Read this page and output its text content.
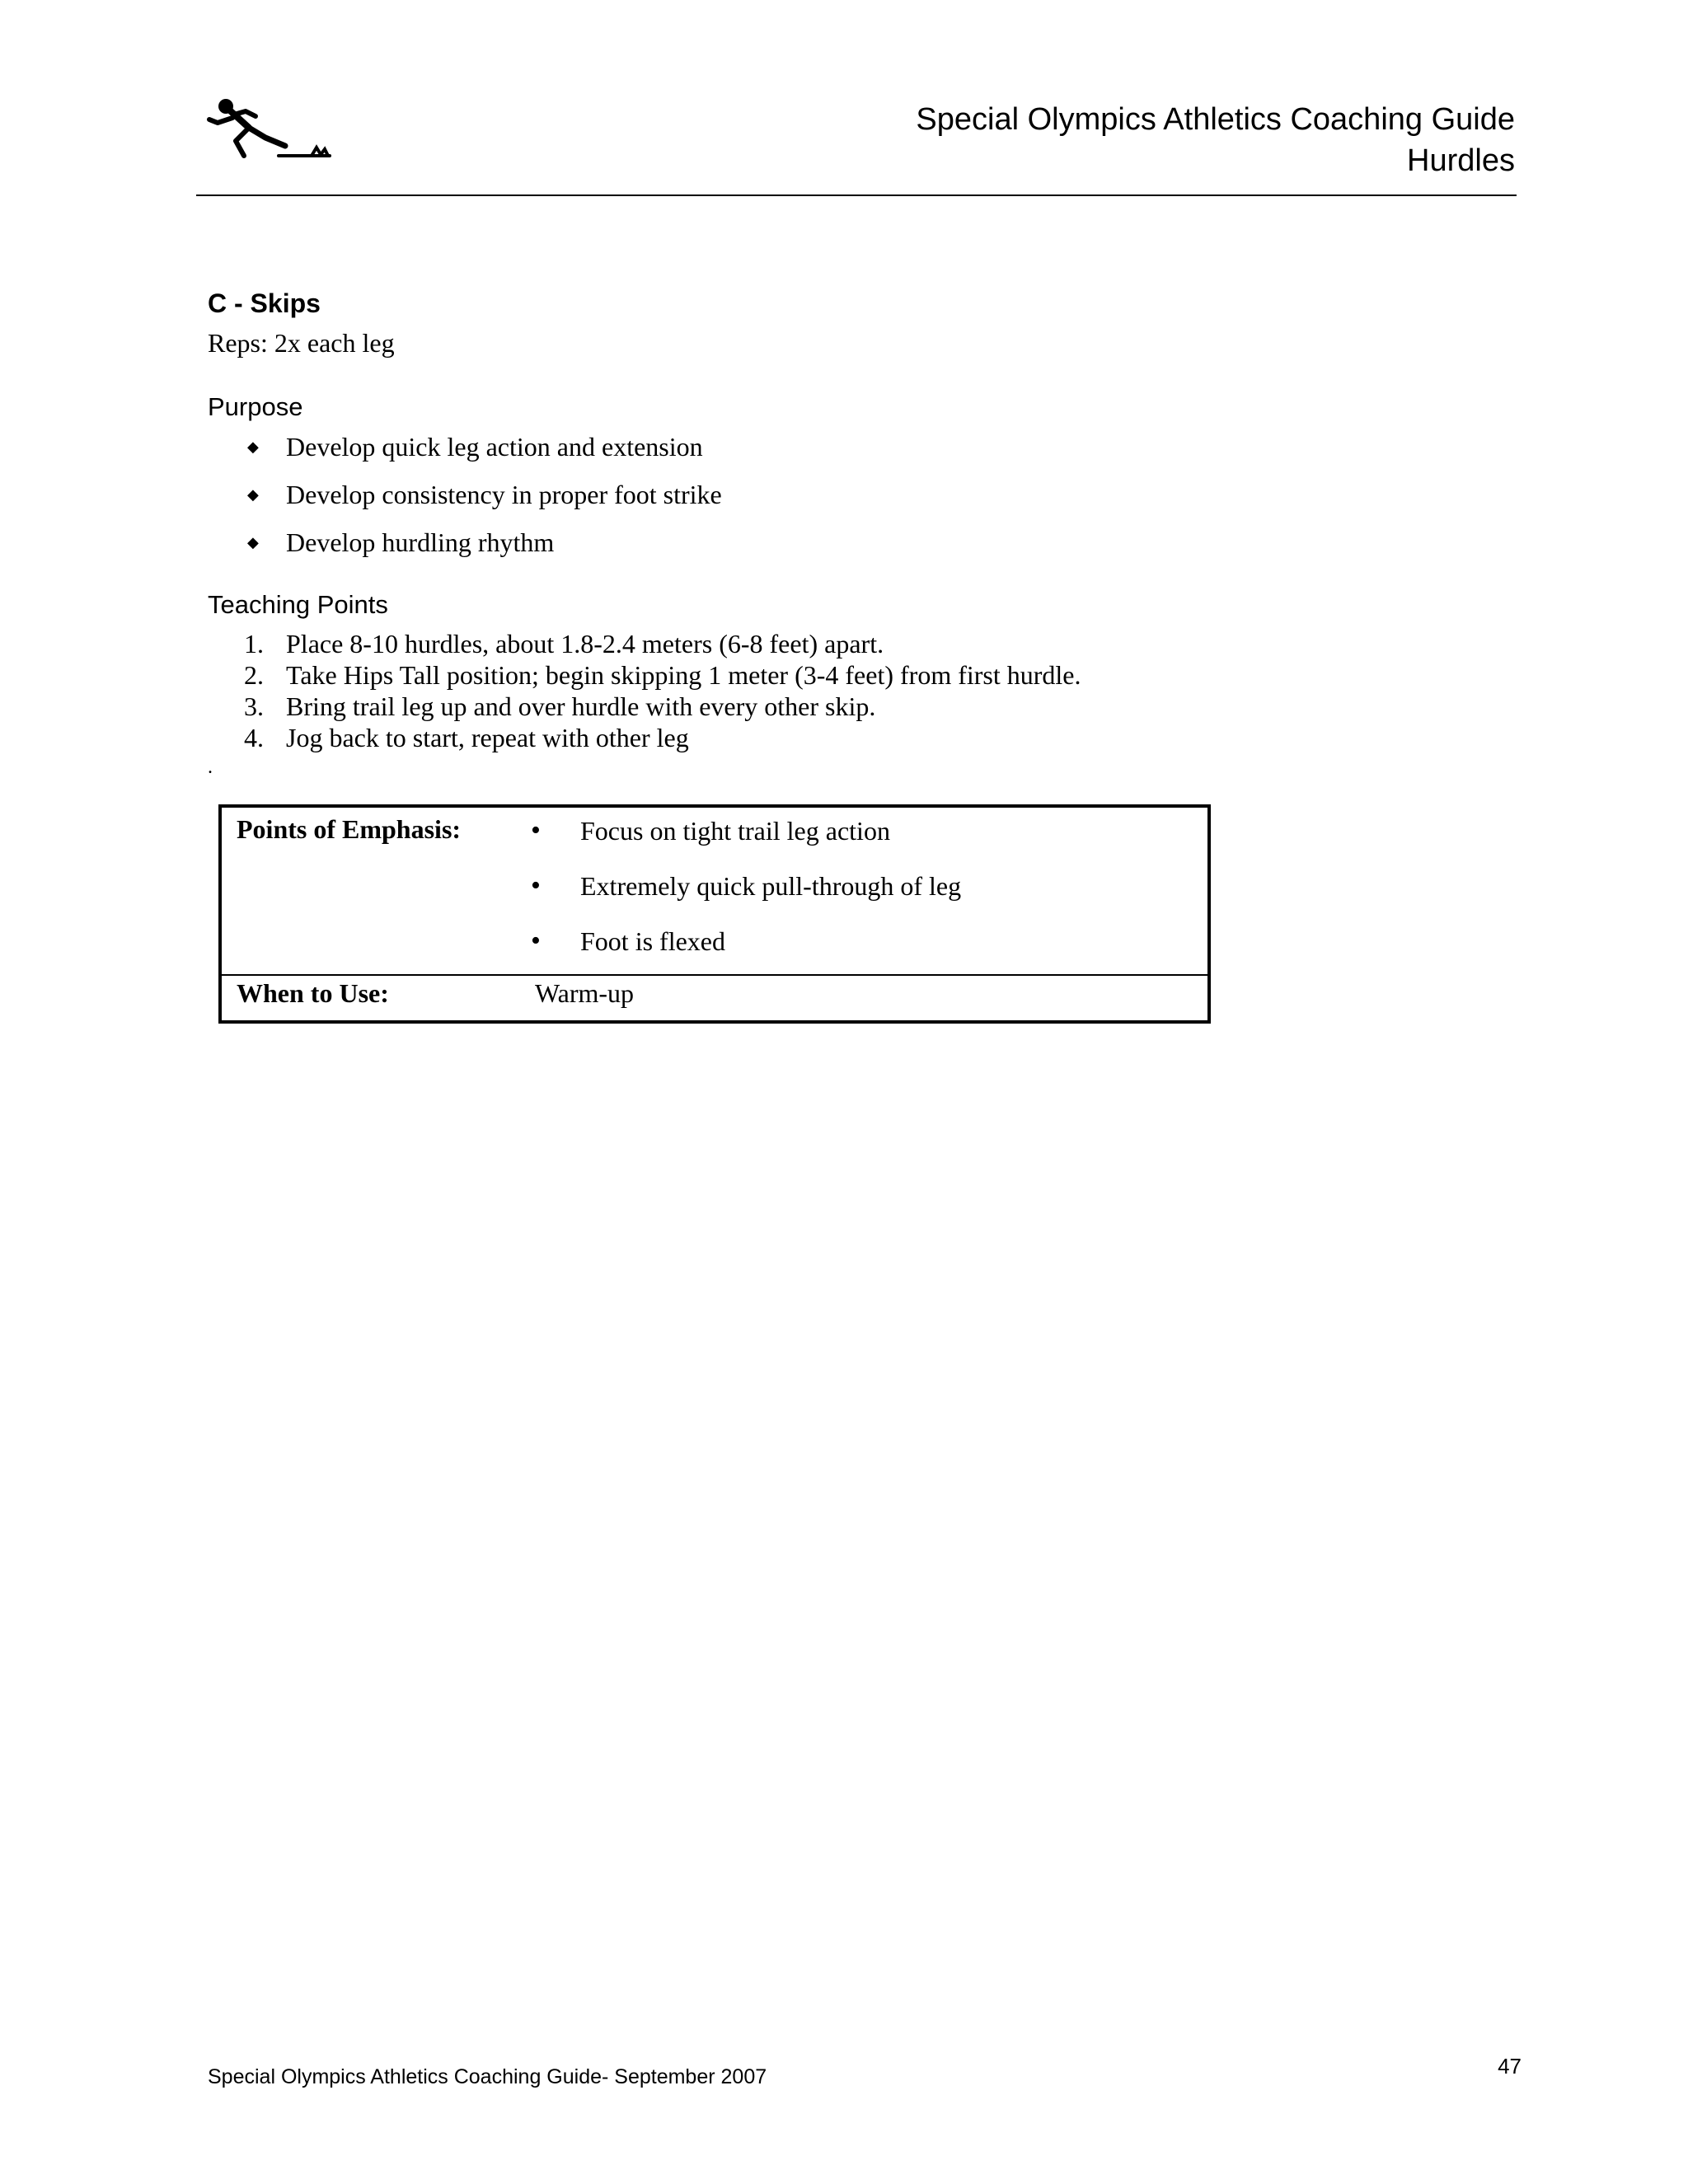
Special Olympics Athletics Coaching Guide
Hurdles
C - Skips
Reps: 2x each leg
Purpose
◆ Develop quick leg action and extension
◆ Develop consistency in proper foot strike
◆ Develop hurdling rhythm
Teaching Points
1. Place 8-10 hurdles, about 1.8-2.4 meters (6-8 feet) apart.
2. Take Hips Tall position; begin skipping 1 meter (3-4 feet) from first hurdle.
3. Bring trail leg up and over hurdle with every other skip.
4. Jog back to start, repeat with other leg
.
Points of Emphasis: • Focus on tight trail leg action
• Extremely quick pull-through of leg
• Foot is flexed
When to Use:	Warm-up
Special Olympics Athletics Coaching Guide- September 2007	47
